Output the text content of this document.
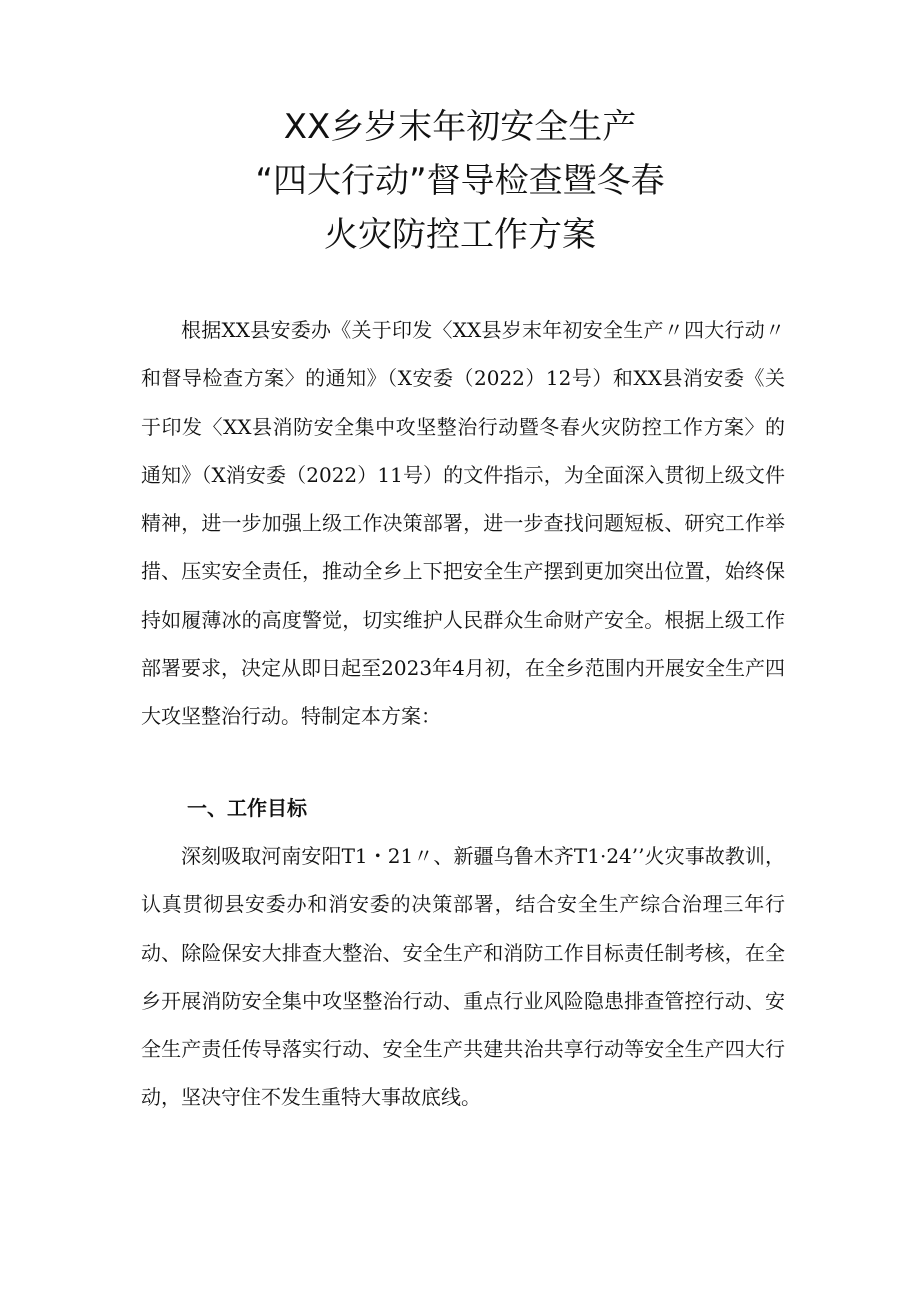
XX乡岁末年初安全生产
“四大行动”督导检查暨冬春
火灾防控工作方案

根据XX县安委办《关于印发〈XX县岁末年初安全生产〃四大行动〃和督导检查方案〉的通知》（X安委（2022）12号）和XX县消安委《关于印发〈XX县消防安全集中攻坚整治行动暨冬春火灾防控工作方案〉的通知》（X消安委（2022）11号）的文件指示，为全面深入贯彻上级文件精神，进一步加强上级工作决策部署，进一步查找问题短板、研究工作举措、压实安全责任，推动全乡上下把安全生产摆到更加突出位置，始终保持如履薄冰的高度警觉，切实维护人民群众生命财产安全。根据上级工作部署要求，决定从即日起至2023年4月初，在全乡范围内开展安全生产四大攻坚整治行动。特制定本方案：

一、工作目标

深刻吸取河南安阳T1・21〃、新疆乌鲁木齐T1·24’’火灾事故教训，认真贯彻县安委办和消安委的决策部署，结合安全生产综合治理三年行动、除险保安大排查大整治、安全生产和消防工作目标责任制考核，在全乡开展消防安全集中攻坚整治行动、重点行业风险隐患排查管控行动、安全生产责任传导落实行动、安全生产共建共治共享行动等安全生产四大行动，坚决守住不发生重特大事故底线。
